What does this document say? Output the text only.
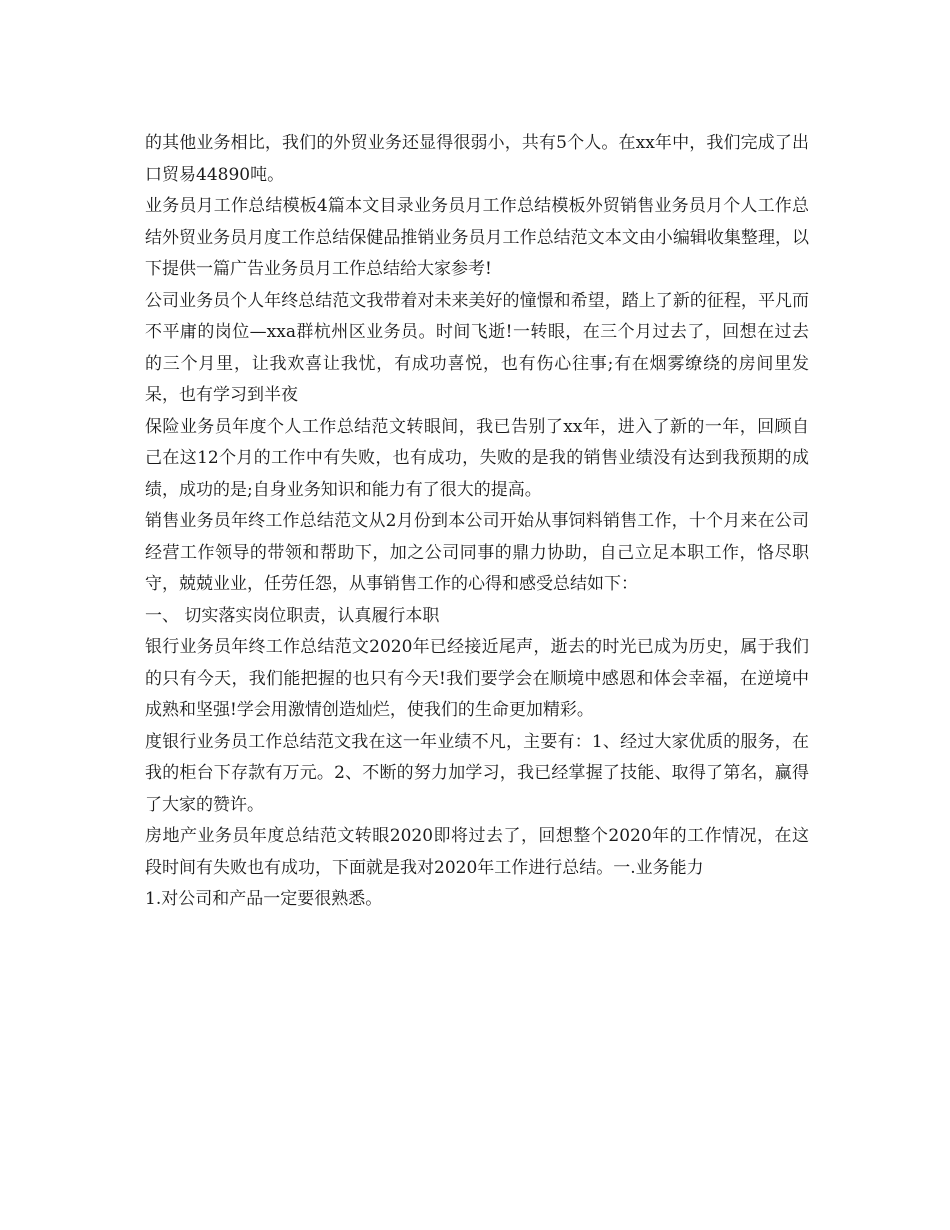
的其他业务相比，我们的外贸业务还显得很弱小，共有5个人。在xx年中，我们完成了出口贸易44890吨。

业务员月工作总结模板4篇本文目录业务员月工作总结模板外贸销售业务员月个人工作总结外贸业务员月度工作总结保健品推销业务员月工作总结范文本文由小编辑收集整理，以下提供一篇广告业务员月工作总结给大家参考!

公司业务员个人年终总结范文我带着对未来美好的憧憬和希望，踏上了新的征程，平凡而不平庸的岗位—xxa群杭州区业务员。时间飞逝!一转眼，在三个月过去了，回想在过去的三个月里，让我欢喜让我忧，有成功喜悦，也有伤心往事;有在烟雾缭绕的房间里发呆，也有学习到半夜

保险业务员年度个人工作总结范文转眼间，我已告别了xx年，进入了新的一年，回顾自己在这12个月的工作中有失败，也有成功，失败的是我的销售业绩没有达到我预期的成绩，成功的是;自身业务知识和能力有了很大的提高。

销售业务员年终工作总结范文从2月份到本公司开始从事饲料销售工作，十个月来在公司经营工作领导的带领和帮助下，加之公司同事的鼎力协助，自己立足本职工作，恪尽职守，兢兢业业，任劳任怨，从事销售工作的心得和感受总结如下：

一、 切实落实岗位职责，认真履行本职

银行业务员年终工作总结范文2020年已经接近尾声，逝去的时光已成为历史，属于我们的只有今天，我们能把握的也只有今天!我们要学会在顺境中感恩和体会幸福，在逆境中成熟和坚强!学会用激情创造灿烂，使我们的生命更加精彩。

度银行业务员工作总结范文我在这一年业绩不凡，主要有：1、经过大家优质的服务，在我的柜台下存款有万元。2、不断的努力加学习，我已经掌握了技能、取得了第名，赢得了大家的赞许。

房地产业务员年度总结范文转眼2020即将过去了，回想整个2020年的工作情况，在这段时间有失败也有成功，下面就是我对2020年工作进行总结。一.业务能力

1.对公司和产品一定要很熟悉。
